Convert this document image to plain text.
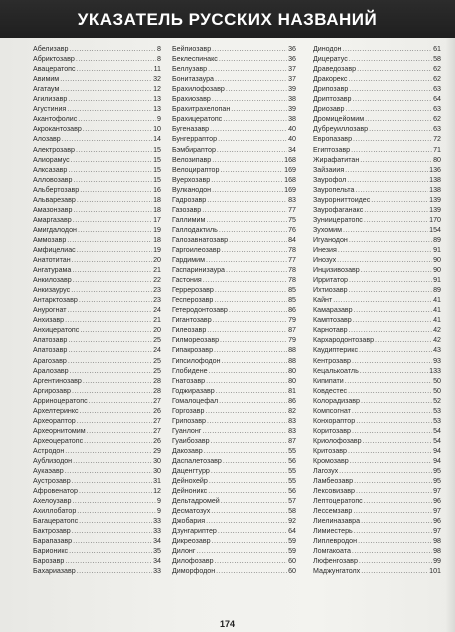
УКАЗАТЕЛЬ РУССКИХ НАЗВАНИЙ
Абелизавр .....	8
Абриктозавр .....	8
Авацератопс .....	11
Авимим .....	32
Агатаум .....	12
Агилизавр .....	13
Агустиния .....	13
Акантофолис .....	9
Акрокантозавр .....	10
Алозавр .....	14
Алектрозавр .....	15
Алиорамус .....	15
Алксазавр .....	15
Алловозавр .....	15
Альбертозавр .....	16
Альварезавр .....	18
Амазонзавр .....	18
Амаргазавр .....	17
Амигдалодон .....	19
Аммозавр .....	18
Амфицелиас .....	19
Анатотитан .....	20
Ангатурама .....	21
Анкилозавр .....	22
Анкизаурус .....	23
Антарктозавр .....	23
Анурогнат .....	24
Анхизавр .....	21
Анхицератопс .....	20
Апатозавр .....	25
Апатозавр .....	24
Арагозавр .....	25
Аралозавр .....	25
Аргентинозавр .....	28
Аргирозавр .....	28
Арриноцератопс .....	27
Архелтеринкс .....	26
Археораптор .....	27
Археорнитомим .....	27
Археоцератопс .....	26
Астродон .....	29
Аублизодон .....	30
Аукаэавр .....	30
Аустрозавр .....	31
Афровенатор .....	12
Ахелоузавр .....	9
Ахиллобатор .....	9
Багацератопс .....	33
Бактрозавр .....	33
Барапазавр .....	34
Барионикс .....	35
Барозавр .....	34
Бахариазавр .....	33
Бейпиозавр .....	36
Беклеспинакс .....	36
Беллузавр .....	37
Бонитазаура .....	37
Брахилофозавр .....	39
Брахиозавр .....	38
Брахитрахелопан .....	39
Брахицератопс .....	38
Бугеназавр .....	40
Бунгерраптор .....	40
Бэмбираптор .....	34
Велозипавр .....	168
Велоцираптор .....	169
Вуерхозавр .....	168
Вулканодон .....	169
Гадрозавр .....	83
Газозавр .....	77
Галлимим .....	75
Галлодактиль .....	76
Галозавнатозавр .....	84
Гаргоилеозавр .....	78
Гардимим .....	77
Гаспаринизаура .....	78
Гастония .....	78
Геррерозавр .....	85
Гесперозавр .....	85
Гетеродонтозавр .....	86
Гигантозавр .....	79
Гилеозавр .....	87
Гилмореозавр .....	79
Гипакрозавр .....	88
Гипсилофодон .....	88
Глобидене .....	80
Гнатозавр .....	80
Годжиразавр .....	81
Гомалоцефал .....	86
Горгозавр .....	82
Грипозавр .....	83
Гуанлонг .....	83
Гуаибозавр .....	87
Дакозавр .....	55
Даспалетозавр .....	56
Даценгтурр .....	55
Дейнохейр .....	55
Дейноникс .....	56
Дельтадромей .....	57
Десматозух .....	58
Джобария .....	92
Дзунгариптер .....	64
Дикреозавр .....	59
Дилонг .....	59
Дилофозавр .....	60
Диморфодон .....	60
Динодон .....	61
Дицератус .....	58
Драведозавр .....	62
Дракорекс .....	62
Дрипозавр .....	63
Дриптозавр .....	64
Дриозавр .....	63
Дромицейомим .....	62
Дубреуиллозавр .....	63
Европазавр .....	72
Египтозавр .....	71
Жирафатитан .....	80
Зайзаиия .....	136
Заурофол .....	138
Зауропельта .....	138
Заурорниттоидес .....	139
Заурофаганакс .....	139
Зуниицератопс .....	170
Зухомим .....	154
Игуанодон .....	89
Инезия .....	91
Инозух .....	90
Инцизивозавр .....	90
Ирритатор .....	91
Ихтиозавр .....	89
Кайнт .....	41
Камаразавр .....	41
Камптозавр .....	41
Карнотавр .....	42
Кархародонтозавр .....	42
Каудиптерикс .....	43
Кентрозавр .....	93
Кецалькоатль .....	133
Кипипати .....	50
Ковдестес .....	50
Колорадизавр .....	52
Компсогнат .....	53
Конхораптор .....	53
Коритозавр .....	54
Криолофозавр .....	54
Критозавр .....	94
Кромозавр .....	94
Лагозух .....	95
Ламбеозавр .....	95
Лексовизавр .....	97
Лептоцератопс .....	96
Лессемзавр .....	97
Лиелиназавра .....	96
Лимиестерь .....	97
Липлевродон .....	98
Ломгакоата .....	98
Люфенгозавр .....	99
Маджунгатолх .....	101
174
